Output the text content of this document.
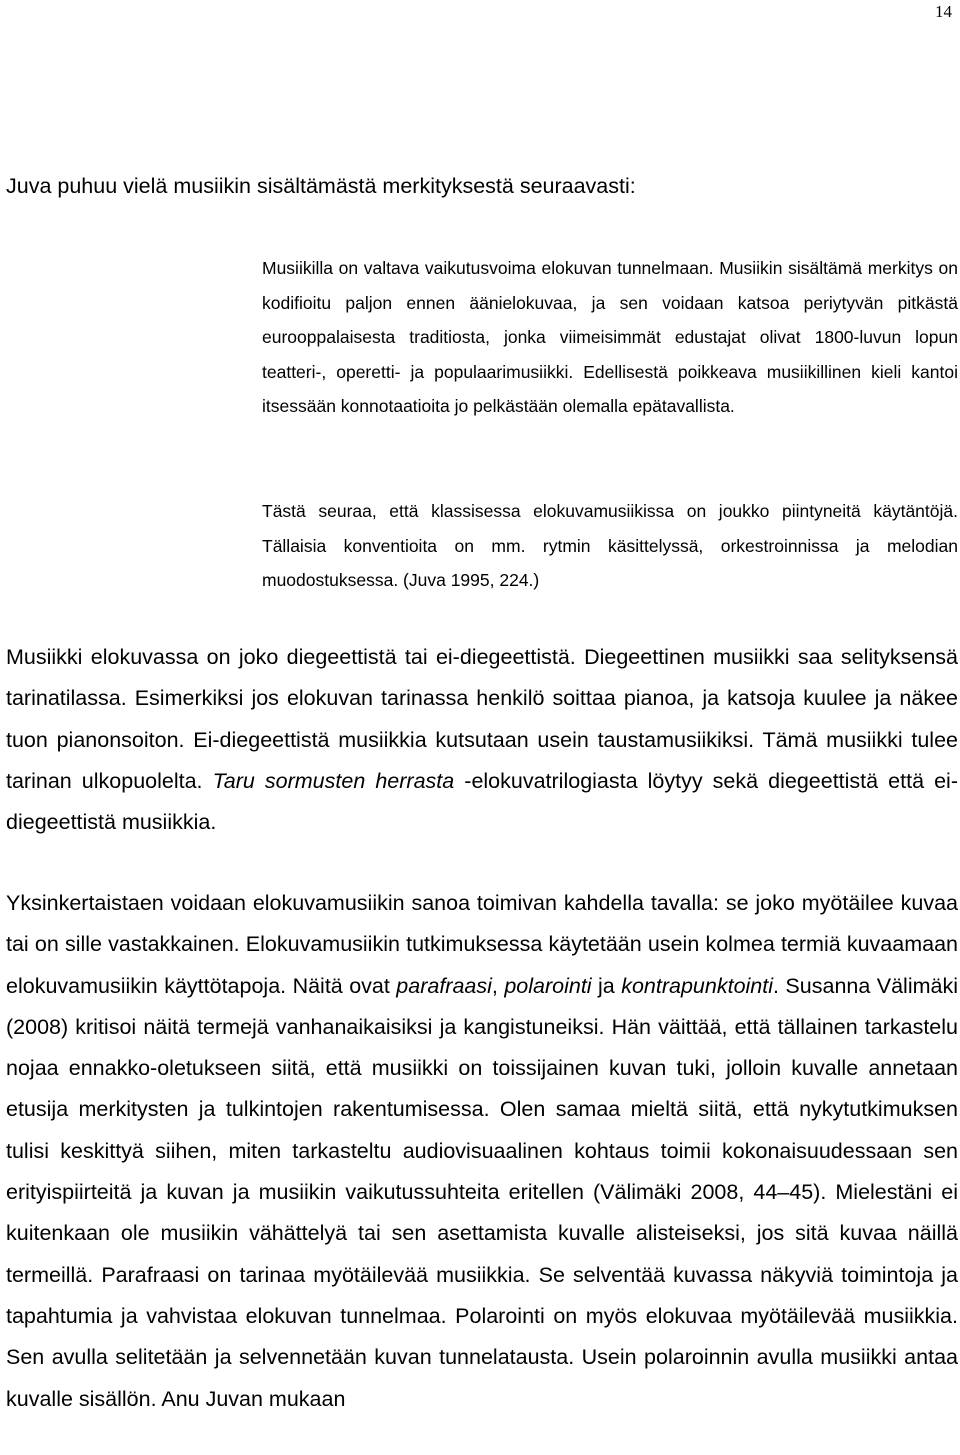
14
Juva puhuu vielä musiikin sisältämästä merkityksestä seuraavasti:
Musiikilla on valtava vaikutusvoima elokuvan tunnelmaan. Musiikin sisältämä merkitys on kodifioitu paljon ennen äänielokuvaa, ja sen voidaan katsoa periytyvän pitkästä eurooppalaisesta traditiosta, jonka viimeisimmät edustajat olivat 1800-luvun lopun teatteri-, operetti- ja populaarimusiikki. Edellisestä poikkeava musiikillinen kieli kantoi itsessään konnotaatioita jo pelkästään olemalla epätavallista.
Tästä seuraa, että klassisessa elokuvamusiikissa on joukko piintyneitä käytäntöjä. Tällaisia konventioita on mm. rytmin käsittelyssä, orkestroinnissa ja melodian muodostuksessa. (Juva 1995, 224.)
Musiikki elokuvassa on joko diegeettistä tai ei-diegeettistä. Diegeettinen musiikki saa selityksensä tarinatilassa. Esimerkiksi jos elokuvan tarinassa henkilö soittaa pianoa, ja katsoja kuulee ja näkee tuon pianonsoiton. Ei-diegeettistä musiikkia kutsutaan usein taustamusiikiksi. Tämä musiikki tulee tarinan ulkopuolelta. Taru sormusten herrasta -elokuvatrilogiasta löytyy sekä diegeettistä että ei-diegeettistä musiikkia.
Yksinkertaistaen voidaan elokuvamusiikin sanoa toimivan kahdella tavalla: se joko myötäilee kuvaa tai on sille vastakkainen. Elokuvamusiikin tutkimuksessa käytetään usein kolmea termiä kuvaamaan elokuvamusiikin käyttötapoja. Näitä ovat parafraasi, polarointi ja kontrapunktointi. Susanna Välimäki (2008) kritisoi näitä termejä vanhanaikaisiksi ja kangistuneiksi. Hän väittää, että tällainen tarkastelu nojaa ennakko-oletukseen siitä, että musiikki on toissijainen kuvan tuki, jolloin kuvalle annetaan etusija merkitysten ja tulkintojen rakentumisessa. Olen samaa mieltä siitä, että nykytutkimuksen tulisi keskittyä siihen, miten tarkasteltu audiovisuaalinen kohtaus toimii kokonaisuudessaan sen erityispiirteitä ja kuvan ja musiikin vaikutussuhteita eritellen (Välimäki 2008, 44–45). Mielestäni ei kuitenkaan ole musiikin vähättelyä tai sen asettamista kuvalle alisteiseksi, jos sitä kuvaa näillä termeillä. Parafraasi on tarinaa myötäilevää musiikkia. Se selventää kuvassa näkyviä toimintoja ja tapahtumia ja vahvistaa elokuvan tunnelmaa. Polarointi on myös elokuvaa myötäilevää musiikkia. Sen avulla selitetään ja selvennetään kuvan tunnelatausta. Usein polaroinnin avulla musiikki antaa kuvalle sisällön. Anu Juvan mukaan
